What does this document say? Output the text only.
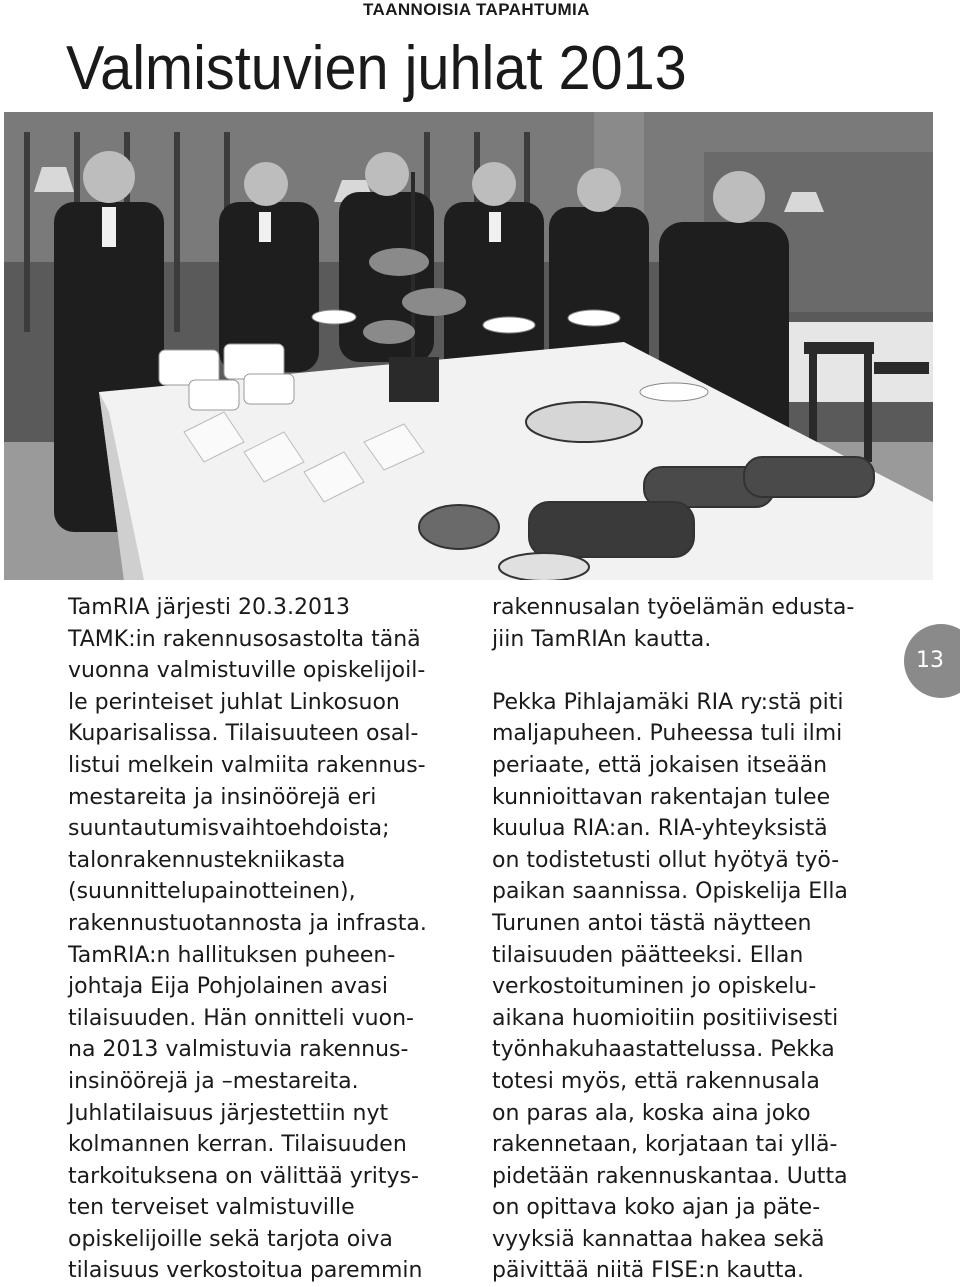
TAANNOISIA TAPAHTUMIA
Valmistuvien juhlat 2013
TamRIA järjesti 20.3.2013
TAMK:in rakennusosastolta tänä
vuonna valmistuville opiskelijoil-
le perinteiset juhlat Linkosuon
Kuparisalissa. Tilaisuuteen osal-
listui melkein valmiita rakennus-
mestareita ja insinöörejä eri
suuntautumisvaihtoehdoista;
talonrakennustekniikasta
(suunnittelupainotteinen),
rakennustuotannosta ja infrasta.
TamRIA:n hallituksen puheen-
johtaja Eija Pohjolainen avasi
tilaisuuden. Hän onnitteli vuon-
na 2013 valmistuvia rakennus-
insinöörejä ja –mestareita.
Juhlatilaisuus järjestettiin nyt
kolmannen kerran. Tilaisuuden
tarkoituksena on välittää yritys-
ten terveiset valmistuville
opiskelijoille sekä tarjota oiva
tilaisuus verkostoitua paremmin
rakennusalan työelämän edusta-
jiin TamRIAn kautta.
Pekka Pihlajamäki RIA ry:stä piti
maljapuheen. Puheessa tuli ilmi
periaate, että jokaisen itseään
kunnioittavan rakentajan tulee
kuulua RIA:an. RIA-yhteyksistä
on todistetusti ollut hyötyä työ-
paikan saannissa. Opiskelija Ella
Turunen antoi tästä näytteen
tilaisuuden päätteeksi. Ellan
verkostoituminen jo opiskelu-
aikana huomioitiin positiivisesti
työnhakuhaastattelussa. Pekka
totesi myös, että rakennusala
on paras ala, koska aina joko
rakennetaan, korjataan tai yllä-
pidetään rakennuskantaa. Uutta
on opittava koko ajan ja päte-
vyyksiä kannattaa hakea sekä
päivittää niitä FISE:n kautta.
13
